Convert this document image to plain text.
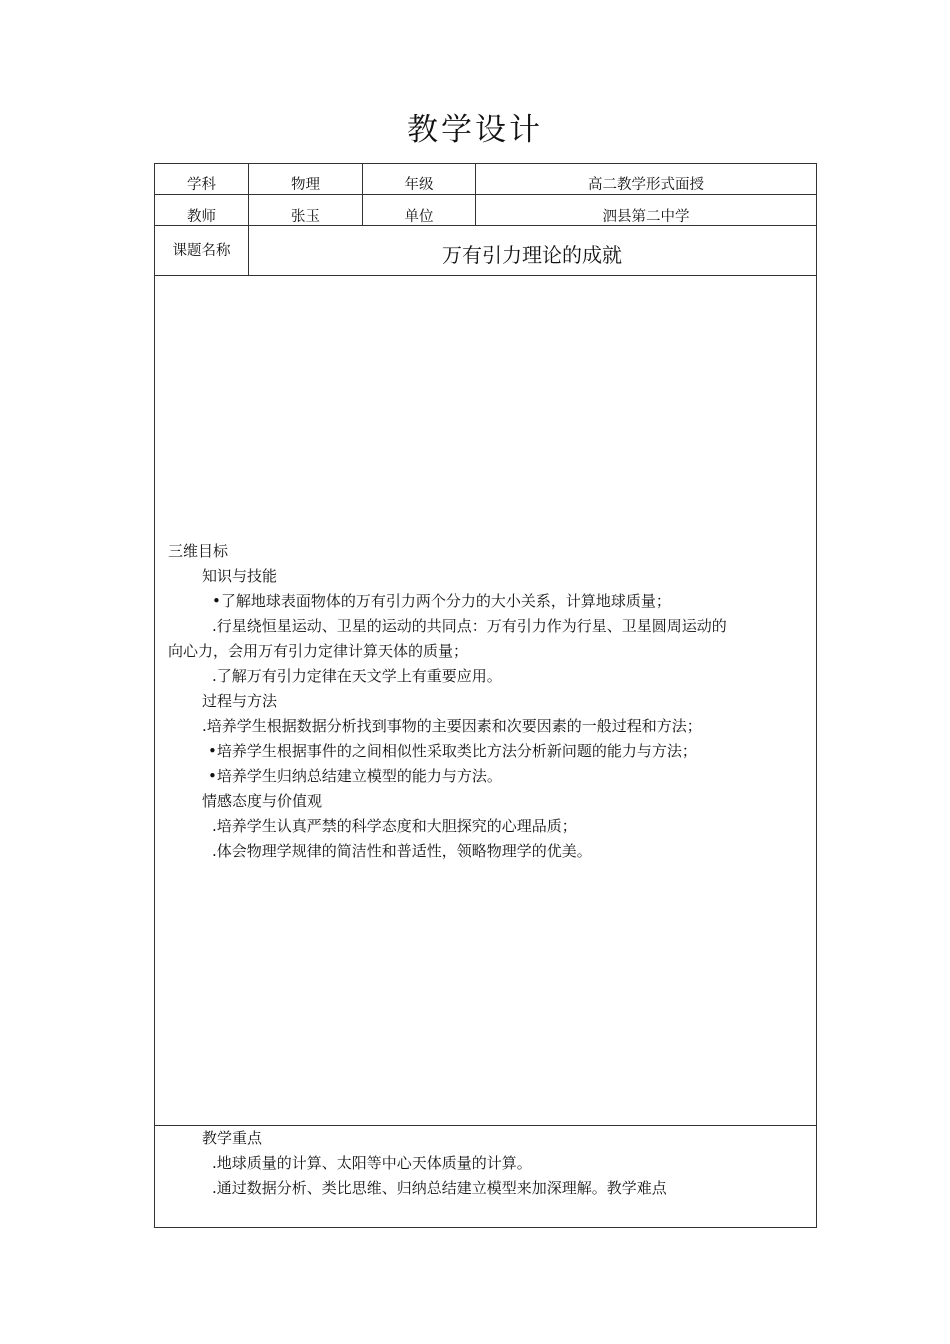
教学设计
学科	物理	年级	高二教学形式面授
教师	张玉	单位	泗县第二中学
课题名称	万有引力理论的成就
三维目标
知识与技能
•了解地球表面物体的万有引力两个分力的大小关系，计算地球质量；
.行星绕恒星运动、卫星的运动的共同点：万有引力作为行星、卫星圆周运动的
向心力，会用万有引力定律计算天体的质量；
.了解万有引力定律在天文学上有重要应用。
过程与方法
.培养学生根据数据分析找到事物的主要因素和次要因素的一般过程和方法；
•培养学生根据事件的之间相似性采取类比方法分析新问题的能力与方法；
•培养学生归纳总结建立模型的能力与方法。
情感态度与价值观
.培养学生认真严禁的科学态度和大胆探究的心理品质；
.体会物理学规律的简洁性和普适性，领略物理学的优美。
教学重点
.地球质量的计算、太阳等中心天体质量的计算。
.通过数据分析、类比思维、归纳总结建立模型来加深理解。教学难点
